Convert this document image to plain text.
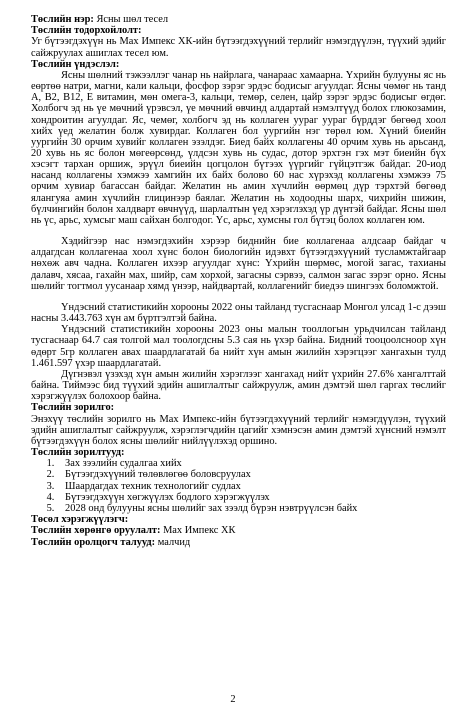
Төслийн нэр: Ясны шөл тесел
Төслийн тодорхойлолт:

Уг бүтээгдэхүүн нь Мах Импекс ХК-ийн бүтээгдэхүүний терлийг нэмэгдүүлэн, түүхий эдийг сайжруулах ашиглах тесел юм.

Төслийн үндэслэл:

Ясны шөлний тэжээллэг чанар нь найрлага, чанараас хамаарна. Үхрийн булууны яс нь еөртөө натри, магни, кали кальци, фосфор зэрэг эрдэс бодисыг агуулдаг. Ясны чөмөг нь танд A, B2, B12, E витамин, мөн омега-3, кальци, темөр, селен, цайр зэрэг эрдэс бодисыг өгдөг. Холбогч эд нь үе мөчний үрэвсэл, үе мөчний өвчинд алдартай нэмэлтүүд болох глюкозамин, хондроитин агуулдаг. Яс, чемөг, холбогч эд нь коллаген уураг уураг бүрддэг бөгөөд хоол хийх үед желатин болж хувирдаг. Коллаген бол уургийн нэг төрөл юм. Хүний биеийн уургийн 30 орчим хувийг коллаген эзэлдэг. Биед байх коллагены 40 орчим хувь нь арьсанд, 20 хувь нь яс болон мөгеөрсөнд, үлдсэн хувь нь судас, дотор эрхтэн гэх мэт биеийн бүх хэсэгт тархан оршиж, эрүүл биеийн цогцолон бүтээх үүргийг гүйцэтгэж байдаг. 20-иод насанд коллагены хэмжээ хамгийн их байх болово 60 нас хүрэхэд коллагены хэмжээ 75 орчим хувиар багассан байдаг. Желатин нь амин хүчлийн өөрмөц дүр тэрхтэй бөгөөд ялангуяа амин хүчлийн глицинээр баялаг. Желатин нь ходоодны шарх, чихрийн шижин, бүлчингийн болон халдварт өвчнүүд, шарлалтын үед хэрэглэхэд үр дүнтэй байдаг. Ясны шөл нь үс, арьс, хумсыг маш сайхан болгодог. Үс, арьс, хумсны гол бүтэц болох коллаген юм.

Хэдийгээр нас нэмэгдэхийн хэрээр биднийн бие коллагенаа алдсаар байдаг ч алдагдсан коллагенаа хоол хүнс болон биологийн идэвхт бүтээгдэхүүний тусламжтайгаар нөхөж авч чадна. Коллаген ихээр агуулдаг хүнс: Үхрийн шөрмөс, могой загас, тахианы далавч, хясаа, гахайн мах, шийр, сам хорхой, загасны сэрвээ, салмон загас зэрэг орно. Ясны шөлийг тогтмол уусанаар хямд үнээр, найдвартай, коллагенийг биедээ шингээх боломжтой.

Үндэсний статистикийн хорооны 2022 оны тайланд тусгаснаар Монгол улсад 1-с дээш насны 3.443.763 хүн ам бүртгэлтэй байна.

Үндэсний статистикийн хорооны 2023 оны малын тооллогын урьдчилсан тайланд тусгаснаар 64.7 сая толгой мал тоологдсны 5.3 сая нь үхэр байна. Бидний тооцоолсноор хүн өдөрт 5гр коллаген авах шаардлагатай ба нийт хүн амын жилийн хэрэгцээг хангахын тулд 1.461.597 үхэр шаардлагатай.

Дүгнэвэл үзэхэд хүн амын жилийн хэрэглээг хангахад нийт үхрийн 27.6% хангалттай байна. Тиймээс бид түүхий эдийн ашиглалтыг сайжруулж, амин дэмтэй шөл гаргах төслийг хэрэгжүүлэх болохоор байна.

Төслийн зорилго:

Энэхүү төслийн зорилго нь Мах Импекс-ийн бүтээгдэхүүний терлийг нэмэгдүүлэн, түүхий эдийн ашиглалтыг сайжруулж, хэрэглэгчдийн цагийг хэмнэсэн амин дэмтэй хүнсний нэмэлт бүтээгдэхүүн болох ясны шөлийг нийлүүлэхэд оршино.

Төслийн зорилтууд:
1. Зах зээлийн судалгаа хийх
2. Бүтээгдэхүүний төлөвлөгөө боловсруулах
3. Шаардагдах техник технологийг судлах
4. Бүтээгдэхүүн хөгжүүлэх бодлого хэрэгжүүлэх
5. 2028 онд булууны ясны шөлийг зах зээлд бүрэн нэвтрүүлсэн байх
Төсөл хэрэгжүүлэгч:
Төслийн хөрөнгө оруулалт: Мах Импекс ХК
Төслийн оролцогч талууд: малчид
2
